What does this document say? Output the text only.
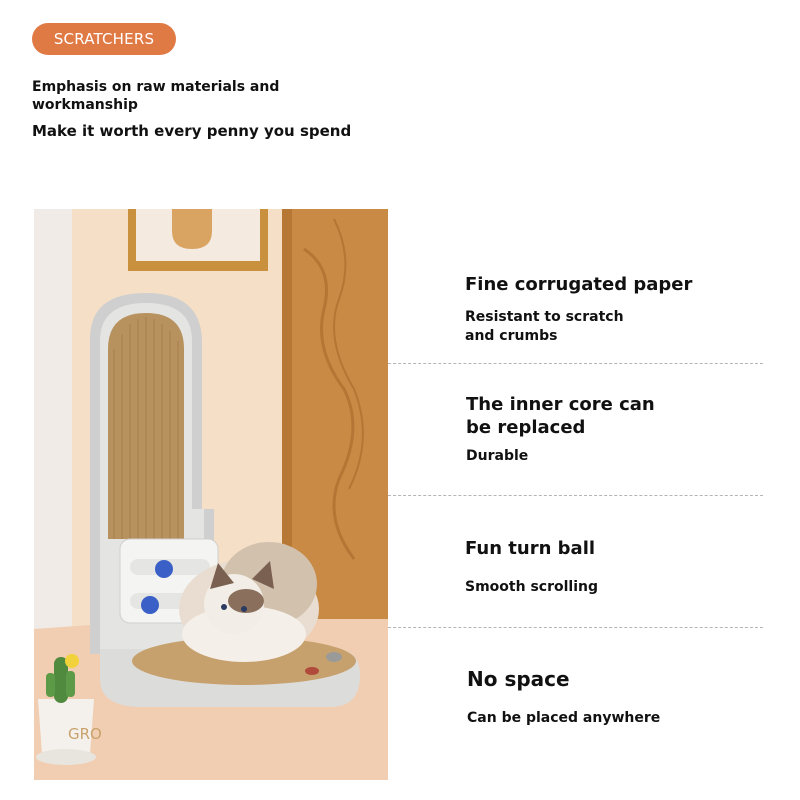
SCRATCHERS
Emphasis on raw materials and workmanship
Make it worth every penny you spend
GRO
Fine corrugated paper
Resistant to scratch and crumbs
The inner core can be replaced
Durable
Fun turn ball
Smooth scrolling
No space
Can be placed anywhere
